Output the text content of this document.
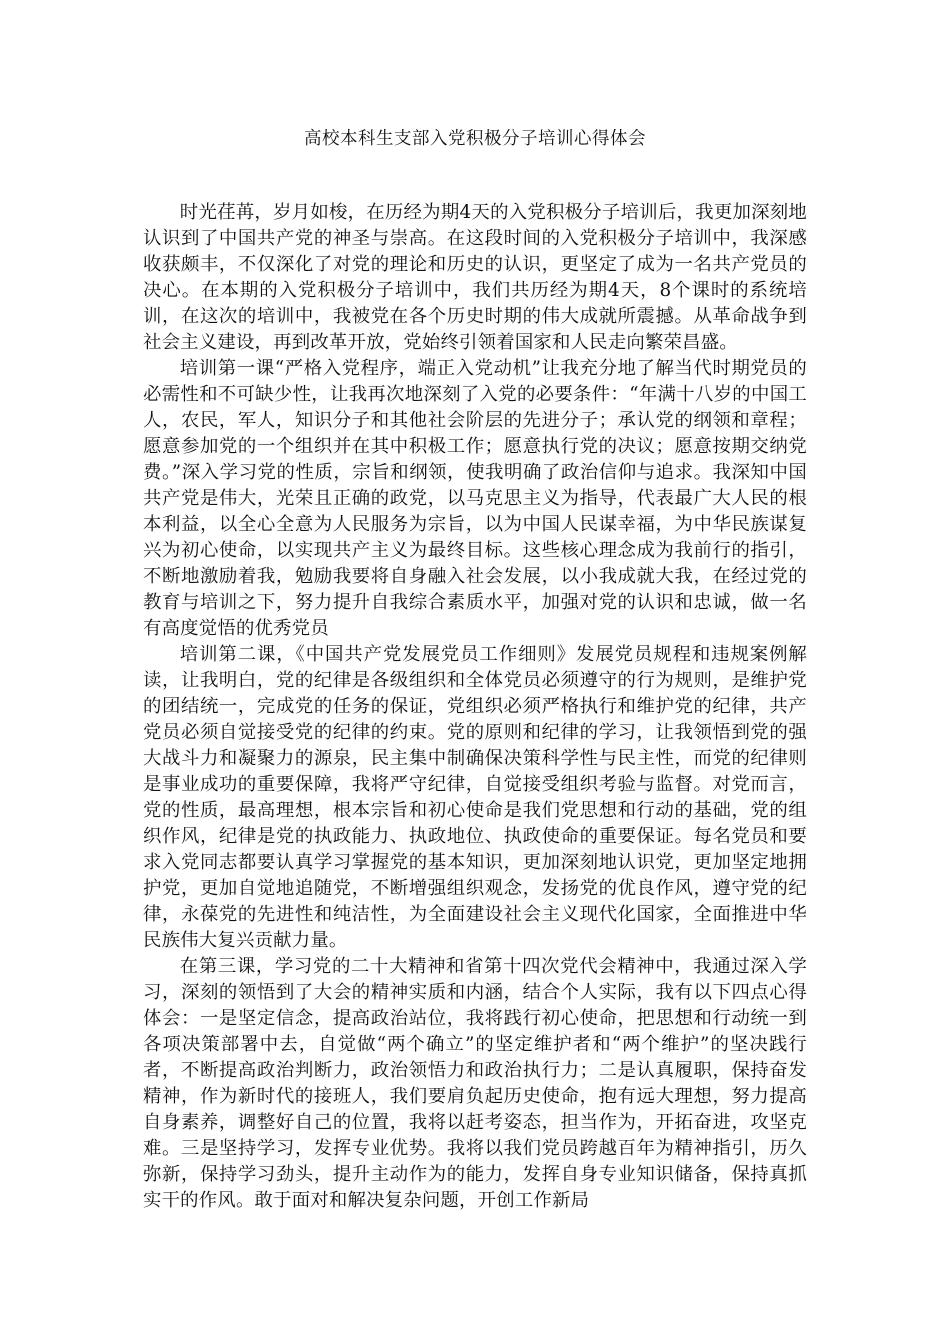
高校本科生支部入党积极分子培训心得体会

时光荏苒，岁月如梭，在历经为期4天的入党积极分子培训后，我更加深刻地认识到了中国共产党的神圣与崇高。在这段时间的入党积极分子培训中，我深感收获颇丰，不仅深化了对党的理论和历史的认识，更坚定了成为一名共产党员的决心。在本期的入党积极分子培训中，我们共历经为期4天，8个课时的系统培训，在这次的培训中，我被党在各个历史时期的伟大成就所震撼。从革命战争到社会主义建设，再到改革开放，党始终引领着国家和人民走向繁荣昌盛。

培训第一课“严格入党程序，端正入党动机”让我充分地了解当代时期党员的必需性和不可缺少性，让我再次地深刻了入党的必要条件：“年满十八岁的中国工人，农民，军人，知识分子和其他社会阶层的先进分子；承认党的纲领和章程；愿意参加党的一个组织并在其中积极工作；愿意执行党的决议；愿意按期交纳党费。”深入学习党的性质，宗旨和纲领，使我明确了政治信仰与追求。我深知中国共产党是伟大，光荣且正确的政党，以马克思主义为指导，代表最广大人民的根本利益，以全心全意为人民服务为宗旨，以为中国人民谋幸福，为中华民族谋复兴为初心使命，以实现共产主义为最终目标。这些核心理念成为我前行的指引，不断地激励着我，勉励我要将自身融入社会发展，以小我成就大我，在经过党的教育与培训之下，努力提升自我综合素质水平，加强对党的认识和忠诚，做一名有高度觉悟的优秀党员

培训第二课，《中国共产党发展党员工作细则》发展党员规程和违规案例解读，让我明白，党的纪律是各级组织和全体党员必须遵守的行为规则，是维护党的团结统一，完成党的任务的保证，党组织必须严格执行和维护党的纪律，共产党员必须自觉接受党的纪律的约束。党的原则和纪律的学习，让我领悟到党的强大战斗力和凝聚力的源泉，民主集中制确保决策科学性与民主性，而党的纪律则是事业成功的重要保障，我将严守纪律，自觉接受组织考验与监督。对党而言，党的性质，最高理想，根本宗旨和初心使命是我们党思想和行动的基础，党的组织作风，纪律是党的执政能力、执政地位、执政使命的重要保证。每名党员和要求入党同志都要认真学习掌握党的基本知识，更加深刻地认识党，更加坚定地拥护党，更加自觉地追随党，不断增强组织观念，发扬党的优良作风，遵守党的纪律，永葆党的先进性和纯洁性，为全面建设社会主义现代化国家，全面推进中华民族伟大复兴贡献力量。

在第三课，学习党的二十大精神和省第十四次党代会精神中，我通过深入学习，深刻的领悟到了大会的精神实质和内涵，结合个人实际，我有以下四点心得体会：一是坚定信念，提高政治站位，我将践行初心使命，把思想和行动统一到各项决策部署中去，自觉做“两个确立”的坚定维护者和“两个维护”的坚决践行者，不断提高政治判断力，政治领悟力和政治执行力；二是认真履职，保持奋发精神，作为新时代的接班人，我们要肩负起历史使命，抱有远大理想，努力提高自身素养，调整好自己的位置，我将以赶考姿态，担当作为，开拓奋进，攻坚克难。三是坚持学习，发挥专业优势。我将以我们党员跨越百年为精神指引，历久弥新，保持学习劲头，提升主动作为的能力，发挥自身专业知识储备，保持真抓实干的作风。敢于面对和解决复杂问题，开创工作新局
